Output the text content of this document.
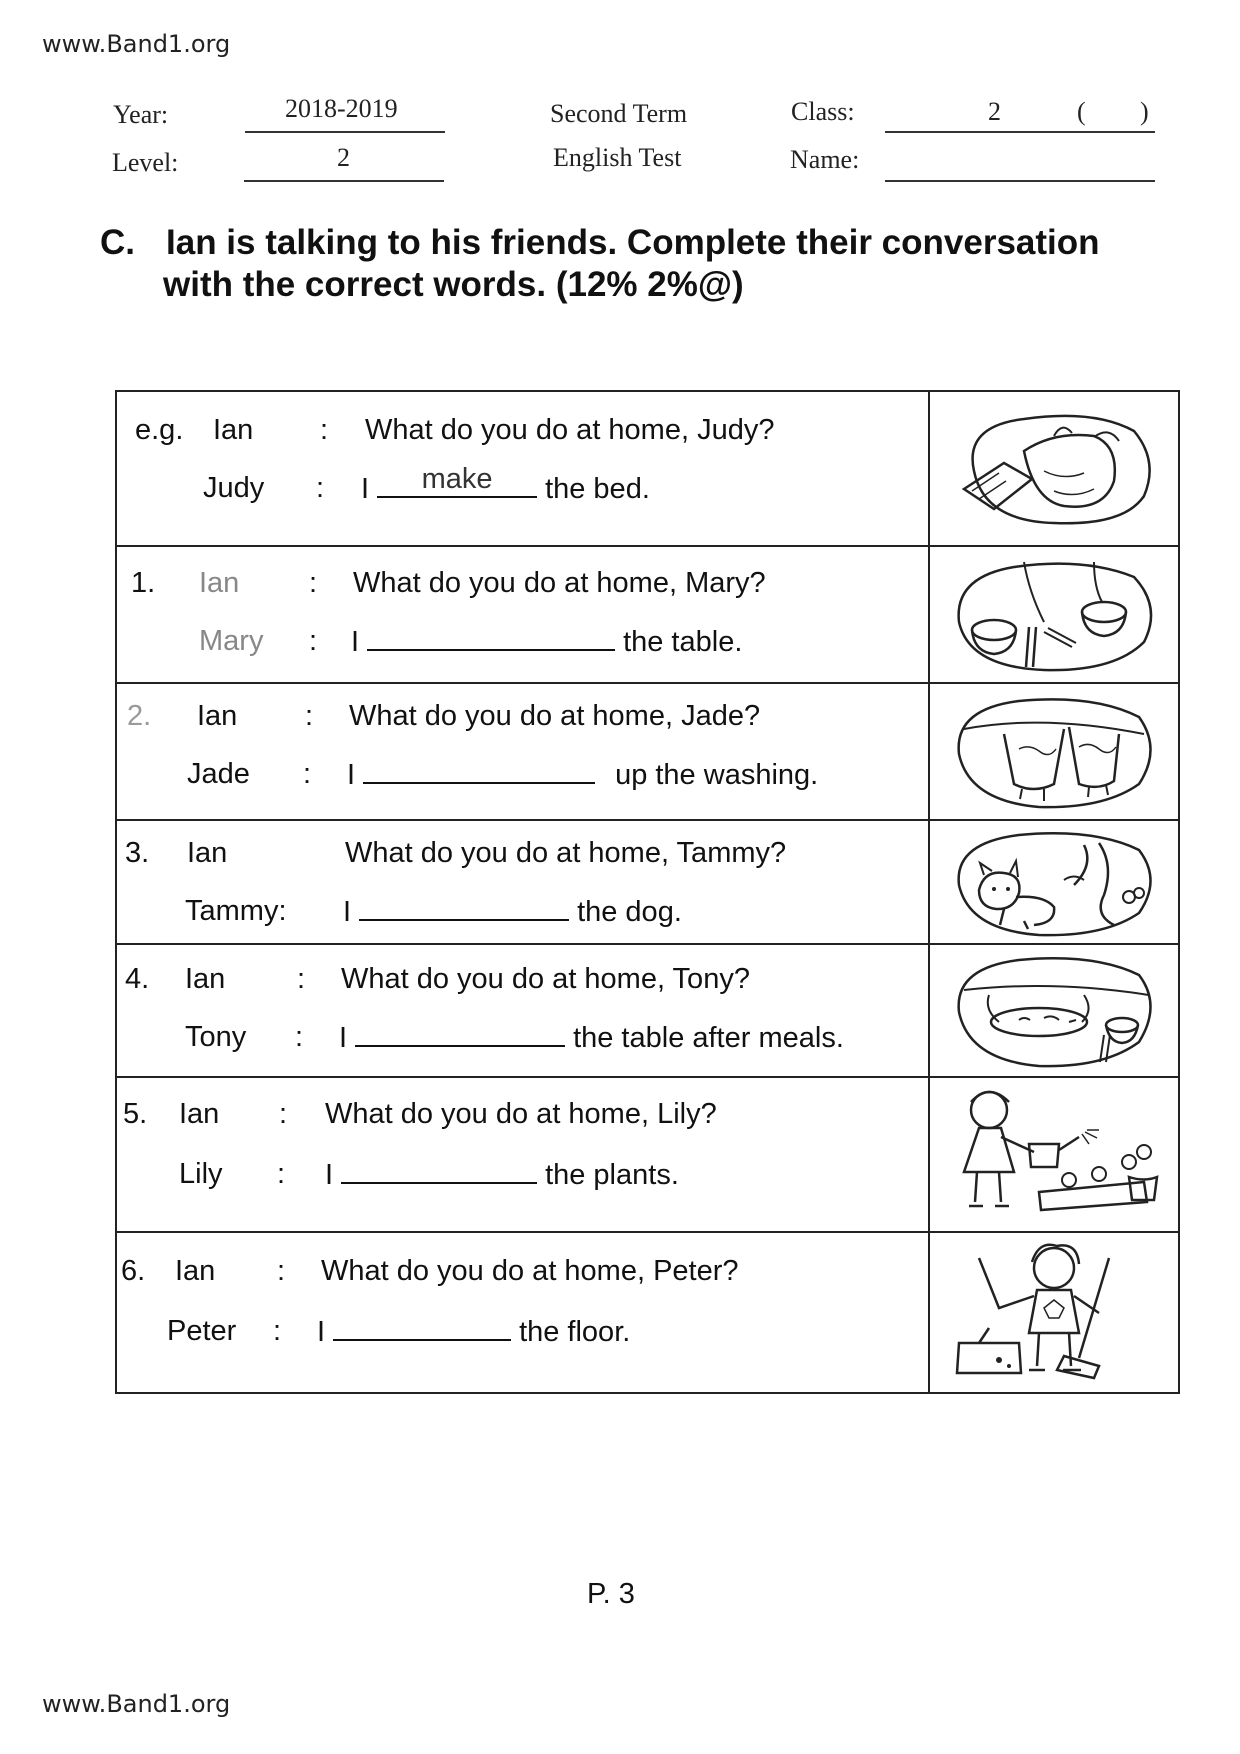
www.Band1.org
www.Band1.org
Year:	2018-2019
Level:	2
Second Term
English Test
Class:	2	( )
Name:
C. Ian is talking to his friends. Complete their conversation
with the correct words. (12% 2%@)
e.g. Ian : What do you do at home, Judy?
Judy : I	make	the bed.
1. Ian : What do you do at home, Mary?
Mary : I	the table.
2. Ian : What do you do at home, Jade?
Jade : I	up the washing.
3. Ian	What do you do at home, Tammy?
Tammy: I	the dog.
4. Ian : What do you do at home, Tony?
Tony : I	the table after meals.
5. Ian : What do you do at home, Lily?
Lily : I	the plants.
6. Ian : What do you do at home, Peter?
Peter : I	the floor.
P. 3
